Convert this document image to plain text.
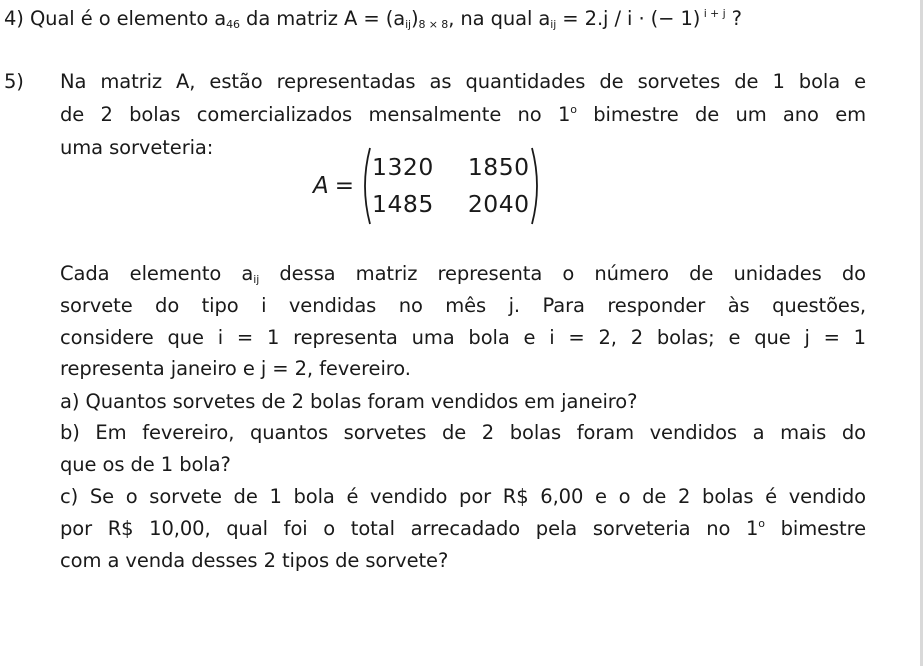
4) Qual é o elemento $a_{46}$ da matriz $A = (a_{ij})_{8 \times 8}$, na qual $a_{ij} = 2.j / i$ · (− 1) $^{i + j}$ ?
5) Na matriz A, estão representadas as quantidades de sorvetes de 1 bola e
de 2 bolas comercializados mensalmente no 1$^o$ bimestre de um ano em
uma sorveteria:
A =
1320 1850
1485 2040
Cada elemento $a_{ij}$ dessa matriz representa o número de unidades do
sorvete do tipo i vendidas no mês j. Para responder às questões,
considere que i = 1 representa uma bola e i = 2, 2 bolas; e que j = 1
representa janeiro e j = 2, fevereiro.
a) Quantos sorvetes de 2 bolas foram vendidos em janeiro?
b) Em fevereiro, quantos sorvetes de 2 bolas foram vendidos a mais do
que os de 1 bola?
c) Se o sorvete de 1 bola é vendido por R$ 6,00 e o de 2 bolas é vendido
por R$ 10,00, qual foi o total arrecadado pela sorveteria no 1$^o$ bimestre
com a venda desses 2 tipos de sorvete?
